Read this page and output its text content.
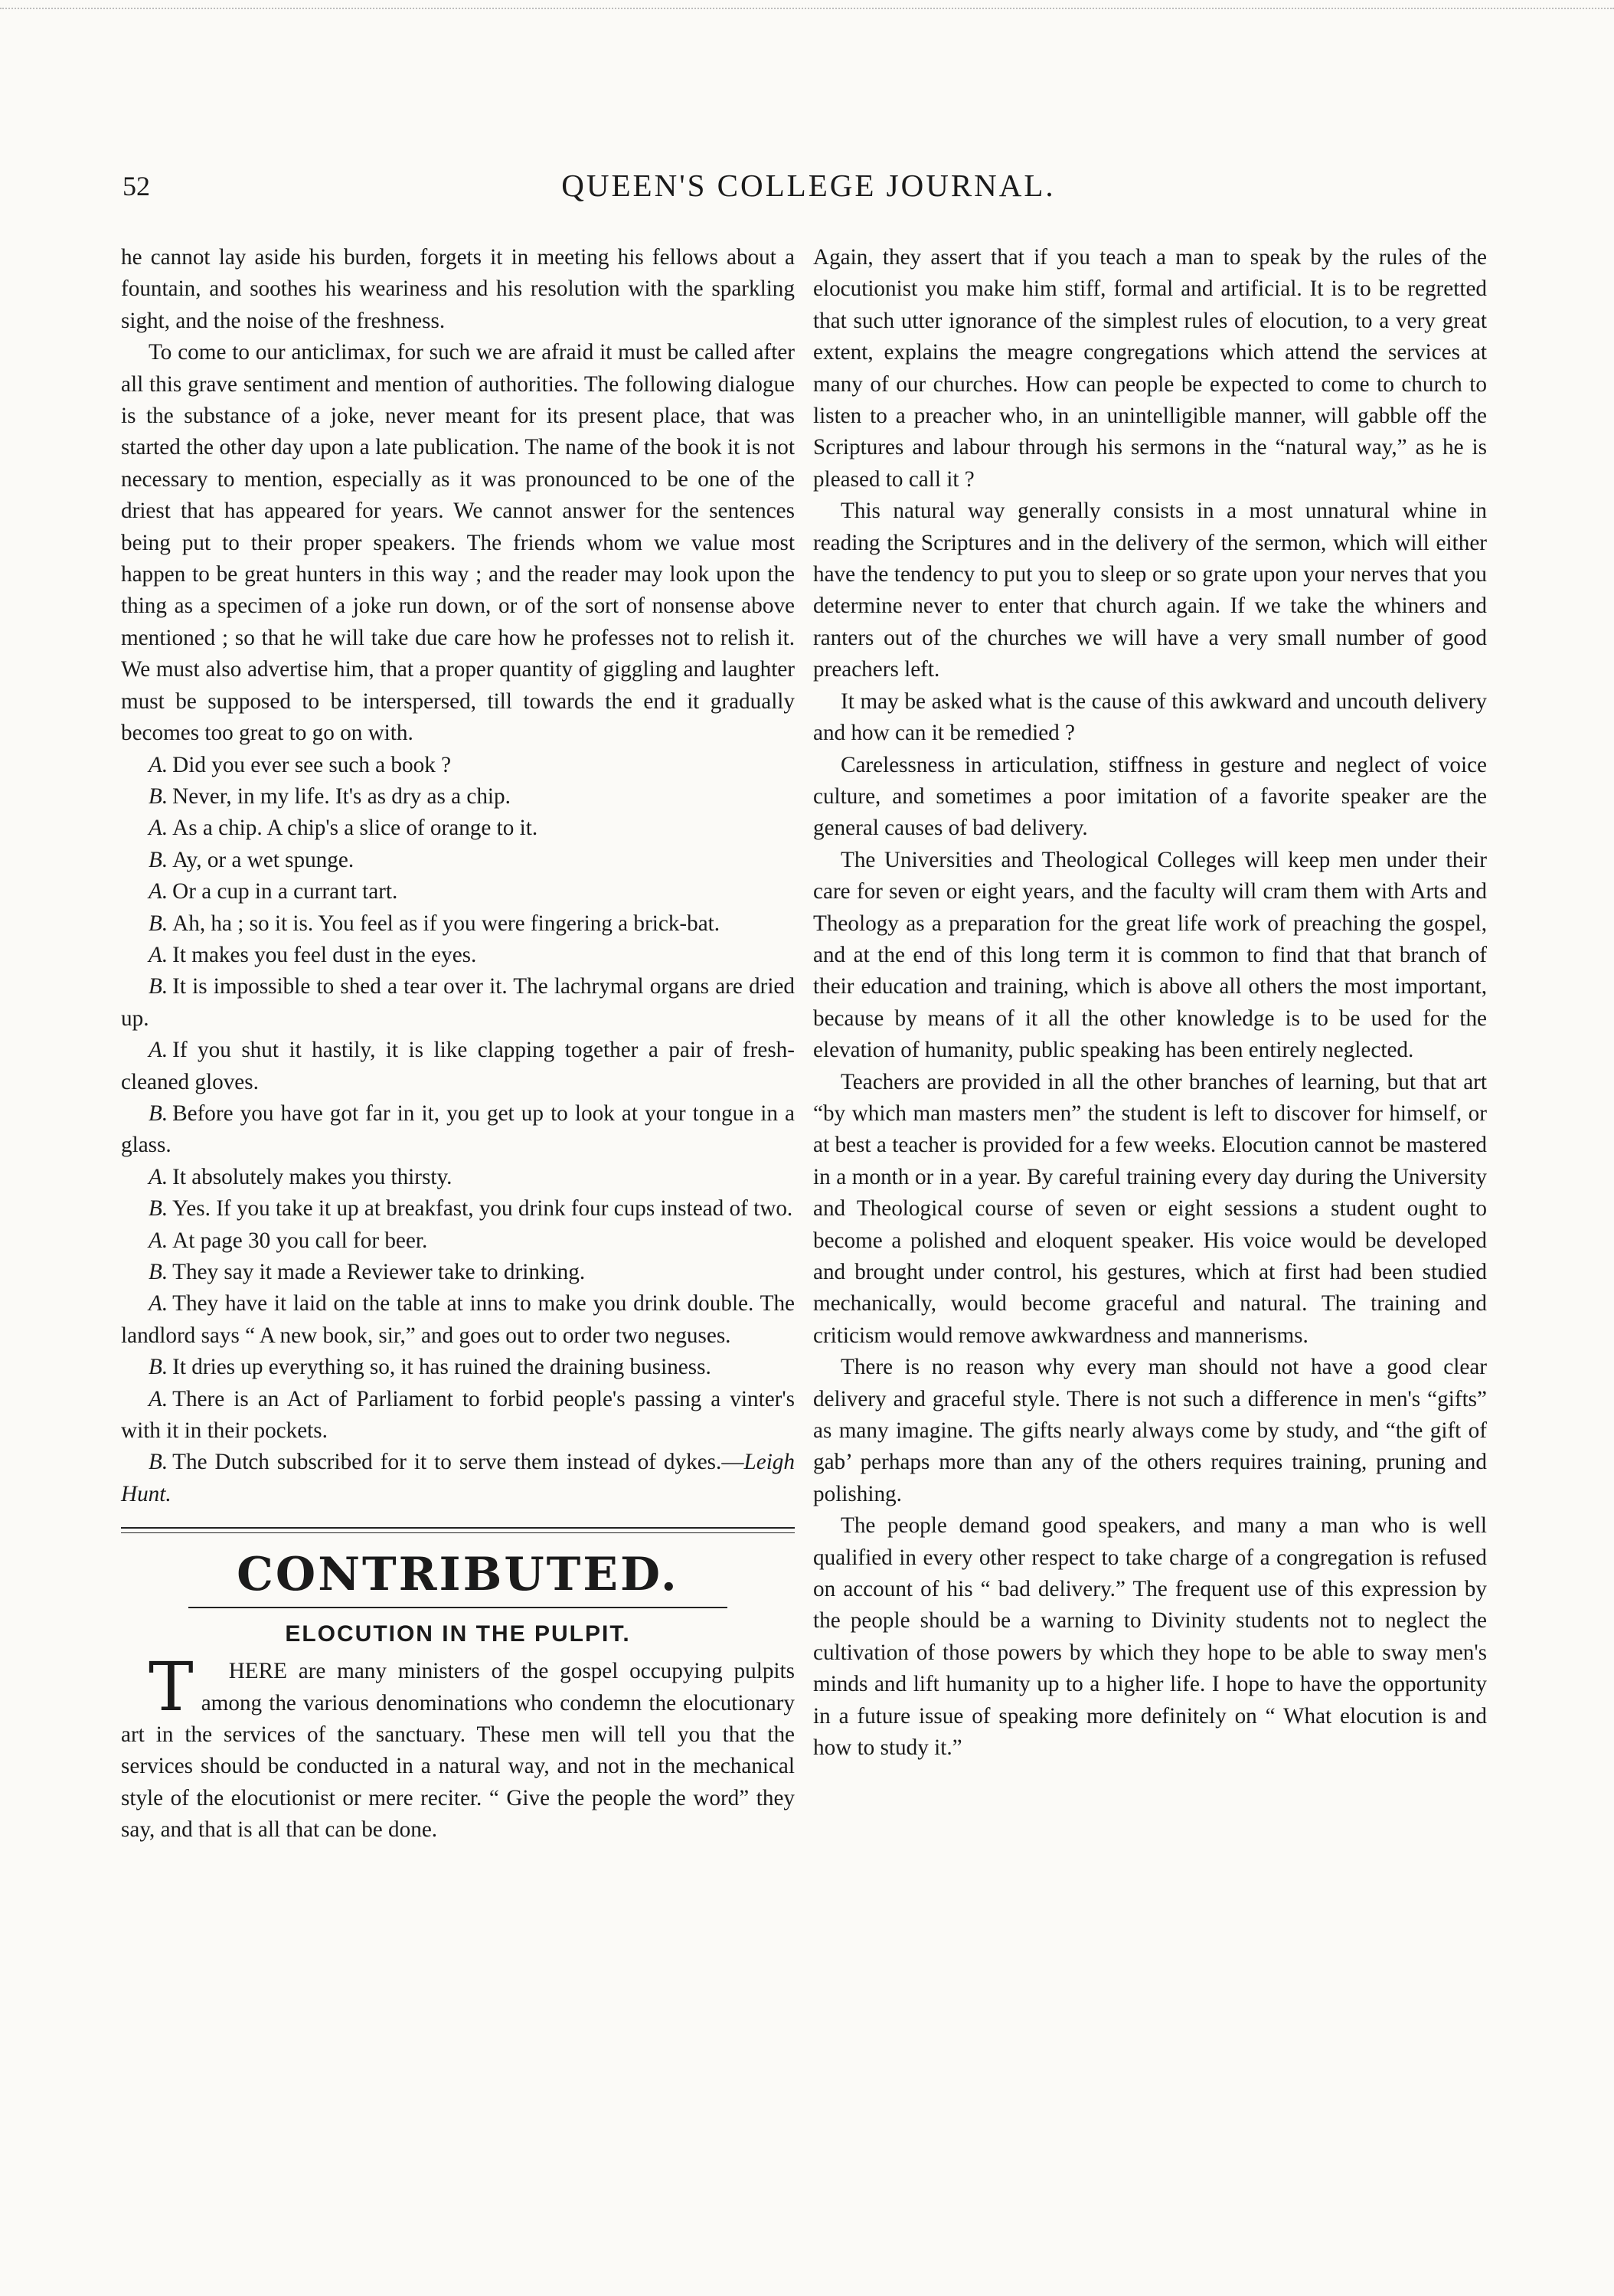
52	QUEEN'S COLLEGE JOURNAL.

he cannot lay aside his burden, forgets it in meeting his fellows about a fountain, and soothes his weariness and his resolution with the sparkling sight, and the noise of the freshness.

To come to our anticlimax, for such we are afraid it must be called after all this grave sentiment and mention of authorities. The following dialogue is the substance of a joke, never meant for its present place, that was started the other day upon a late publication. The name of the book it is not necessary to mention, especially as it was pronounced to be one of the driest that has appeared for years. We cannot answer for the sentences being put to their proper speakers. The friends whom we value most happen to be great hunters in this way ; and the reader may look upon the thing as a specimen of a joke run down, or of the sort of nonsense above mentioned ; so that he will take due care how he professes not to relish it. We must also advertise him, that a proper quantity of giggling and laughter must be supposed to be interspersed, till towards the end it gradually becomes too great to go on with.

A. Did you ever see such a book ?

B. Never, in my life. It's as dry as a chip.

A. As a chip. A chip's a slice of orange to it.

B. Ay, or a wet spunge.

A. Or a cup in a currant tart.

B. Ah, ha ; so it is. You feel as if you were fingering a brick-bat.

A. It makes you feel dust in the eyes.

B. It is impossible to shed a tear over it. The lachrymal organs are dried up.

A. If you shut it hastily, it is like clapping together a pair of fresh-cleaned gloves.

B. Before you have got far in it, you get up to look at your tongue in a glass.

A. It absolutely makes you thirsty.

B. Yes. If you take it up at breakfast, you drink four cups instead of two.

A. At page 30 you call for beer.

B. They say it made a Reviewer take to drinking.

A. They have it laid on the table at inns to make you drink double. The landlord says “ A new book, sir,” and goes out to order two neguses.

B. It dries up everything so, it has ruined the draining business.

A. There is an Act of Parliament to forbid people's passing a vinter's with it in their pockets.

B. The Dutch subscribed for it to serve them instead of dykes.—Leigh Hunt.

CONTRIBUTED.
ELOCUTION IN THE PULPIT.

T HERE are many ministers of the gospel occupying pulpits among the various denominations who condemn the elocutionary art in the services of the sanctuary. These men will tell you that the services should be conducted in a natural way, and not in the mechanical style of the elocutionist or mere reciter. “ Give the people the word” they say, and that is all that can be done.

Again, they assert that if you teach a man to speak by the rules of the elocutionist you make him stiff, formal and artificial. It is to be regretted that such utter ignorance of the simplest rules of elocution, to a very great extent, explains the meagre congregations which attend the services at many of our churches. How can people be expected to come to church to listen to a preacher who, in an unintelligible manner, will gabble off the Scriptures and labour through his sermons in the “natural way,” as he is pleased to call it ?

This natural way generally consists in a most unnatural whine in reading the Scriptures and in the delivery of the sermon, which will either have the tendency to put you to sleep or so grate upon your nerves that you determine never to enter that church again. If we take the whiners and ranters out of the churches we will have a very small number of good preachers left.

It may be asked what is the cause of this awkward and uncouth delivery and how can it be remedied ?

Carelessness in articulation, stiffness in gesture and neglect of voice culture, and sometimes a poor imitation of a favorite speaker are the general causes of bad delivery.

The Universities and Theological Colleges will keep men under their care for seven or eight years, and the faculty will cram them with Arts and Theology as a preparation for the great life work of preaching the gospel, and at the end of this long term it is common to find that that branch of their education and training, which is above all others the most important, because by means of it all the other knowledge is to be used for the elevation of humanity, public speaking has been entirely neglected.

Teachers are provided in all the other branches of learning, but that art “by which man masters men” the student is left to discover for himself, or at best a teacher is provided for a few weeks. Elocution cannot be mastered in a month or in a year. By careful training every day during the University and Theological course of seven or eight sessions a student ought to become a polished and eloquent speaker. His voice would be developed and brought under control, his gestures, which at first had been studied mechanically, would become graceful and natural. The training and criticism would remove awkwardness and mannerisms.

There is no reason why every man should not have a good clear delivery and graceful style. There is not such a difference in men's “gifts” as many imagine. The gifts nearly always come by study, and “the gift of gab’ perhaps more than any of the others requires training, pruning and polishing.

The people demand good speakers, and many a man who is well qualified in every other respect to take charge of a congregation is refused on account of his “ bad delivery.” The frequent use of this expression by the people should be a warning to Divinity students not to neglect the cultivation of those powers by which they hope to be able to sway men's minds and lift humanity up to a higher life. I hope to have the opportunity in a future issue of speaking more definitely on “ What elocution is and how to study it.”
